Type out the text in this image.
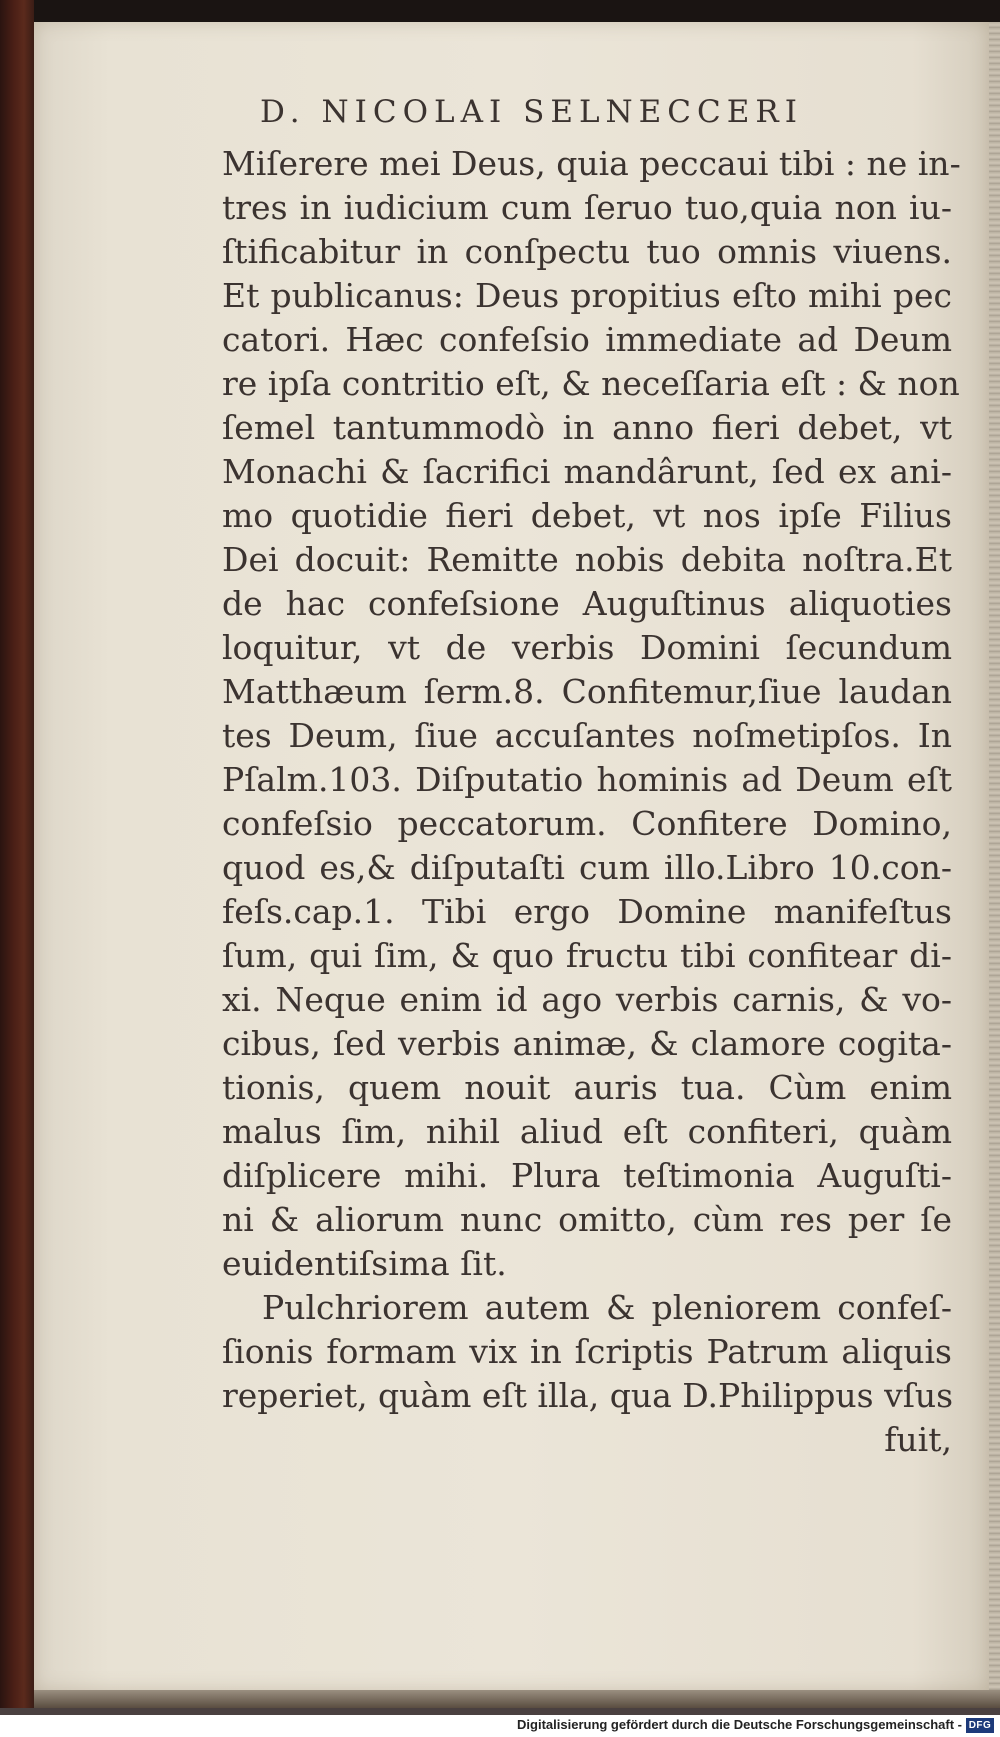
D. NICOLAI SELNECCERI
Miſerere mei Deus, quia peccaui tibi : ne in-
tres in iudicium cum ſeruo tuo,quia non iu-
ſtificabitur in conſpectu tuo omnis viuens.
Et publicanus: Deus propitius eſto mihi pec
catori. Hæc confeſsio immediate ad Deum
re ipſa contritio eſt, & neceſſaria eſt : & non
ſemel tantummodò in anno fieri debet, vt
Monachi & ſacrifici mandârunt, ſed ex ani-
mo quotidie fieri debet, vt nos ipſe Filius
Dei docuit: Remitte nobis debita noſtra.Et
de hac confeſsione Auguſtinus aliquoties
loquitur, vt de verbis Domini ſecundum
Matthæum ſerm.8. Confitemur,ſiue laudan
tes Deum, ſiue accuſantes noſmetipſos. In
Pſalm.103. Diſputatio hominis ad Deum eſt
confeſsio peccatorum. Confitere Domino,
quod es,& diſputaſti cum illo.Libro 10.con-
feſs.cap.1. Tibi ergo Domine manifeſtus
ſum, qui ſim, & quo fructu tibi confitear di-
xi. Neque enim id ago verbis carnis, & vo-
cibus, ſed verbis animæ, & clamore cogita-
tionis, quem nouit auris tua. Cùm enim
malus ſim, nihil aliud eſt confiteri, quàm
diſplicere mihi. Plura teſtimonia Auguſti-
ni & aliorum nunc omitto, cùm res per ſe
euidentiſsima ſit.
Pulchriorem autem & pleniorem confeſ-
ſionis formam vix in ſcriptis Patrum aliquis
reperiet, quàm eſt illa, qua D.Philippus vſus
fuit,
Digitalisierung gefördert durch die Deutsche Forschungsgemeinschaft - DFG
